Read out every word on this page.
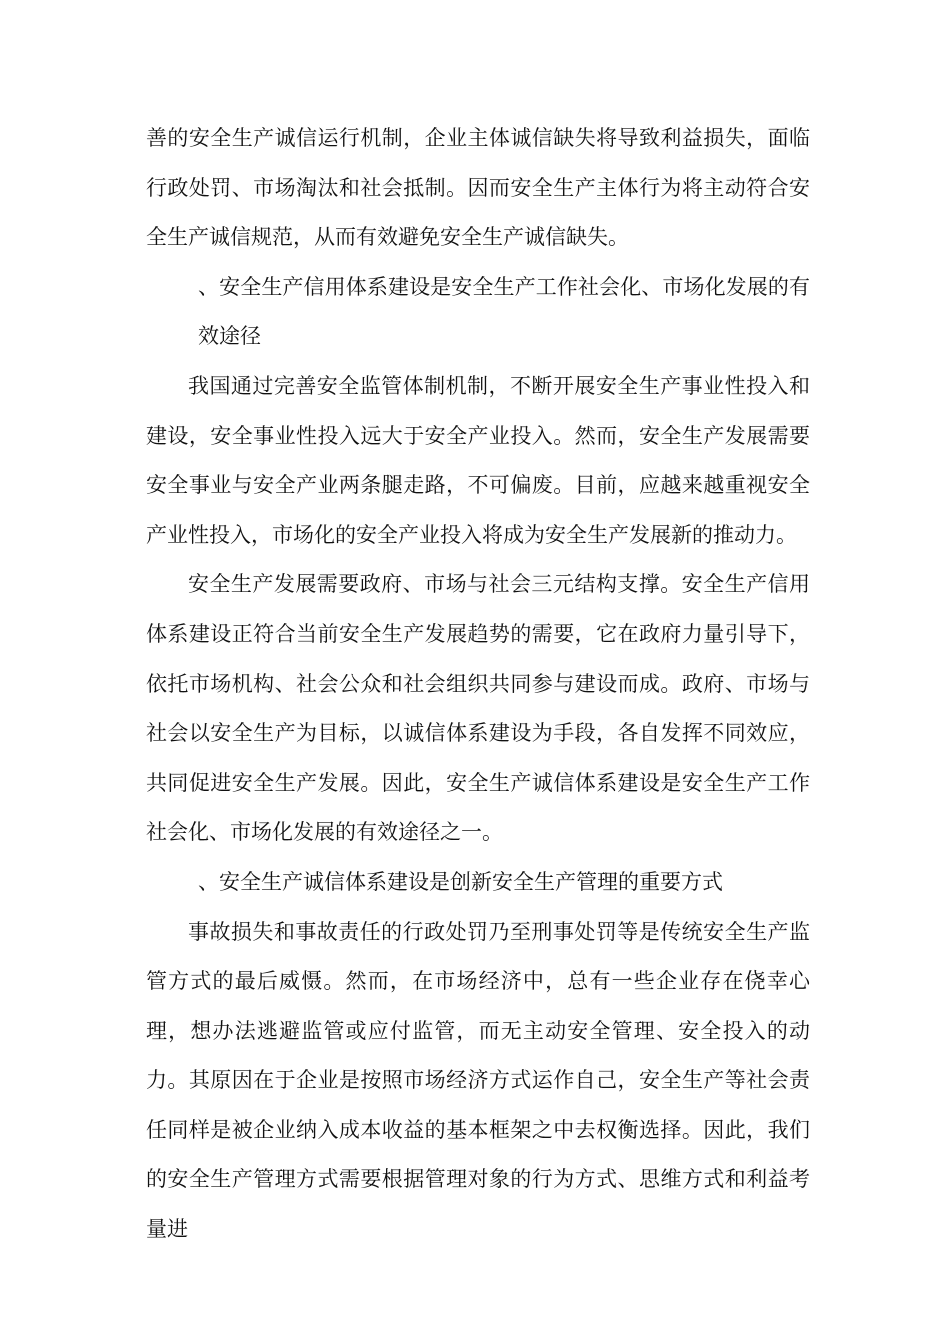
善的安全生产诚信运行机制，企业主体诚信缺失将导致利益损失，面临行政处罚、市场淘汰和社会抵制。因而安全生产主体行为将主动符合安全生产诚信规范，从而有效避免安全生产诚信缺失。

、安全生产信用体系建设是安全生产工作社会化、市场化发展的有效途径

我国通过完善安全监管体制机制，不断开展安全生产事业性投入和建设，安全事业性投入远大于安全产业投入。然而，安全生产发展需要安全事业与安全产业两条腿走路，不可偏废。目前，应越来越重视安全产业性投入，市场化的安全产业投入将成为安全生产发展新的推动力。

安全生产发展需要政府、市场与社会三元结构支撑。安全生产信用体系建设正符合当前安全生产发展趋势的需要，它在政府力量引导下，依托市场机构、社会公众和社会组织共同参与建设而成。政府、市场与社会以安全生产为目标，以诚信体系建设为手段，各自发挥不同效应，共同促进安全生产发展。因此，安全生产诚信体系建设是安全生产工作社会化、市场化发展的有效途径之一。

、安全生产诚信体系建设是创新安全生产管理的重要方式

事故损失和事故责任的行政处罚乃至刑事处罚等是传统安全生产监管方式的最后威慑。然而，在市场经济中，总有一些企业存在侥幸心理，想办法逃避监管或应付监管，而无主动安全管理、安全投入的动力。其原因在于企业是按照市场经济方式运作自己，安全生产等社会责任同样是被企业纳入成本收益的基本框架之中去权衡选择。因此，我们的安全生产管理方式需要根据管理对象的行为方式、思维方式和利益考量进
